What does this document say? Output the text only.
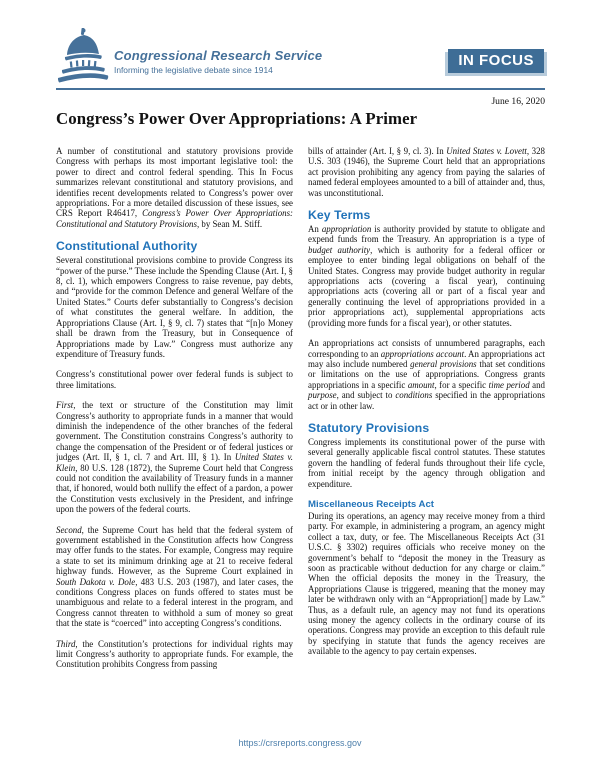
Congressional Research Service
Informing the legislative debate since 1914
IN FOCUS
June 16, 2020
Congress’s Power Over Appropriations: A Primer

A number of constitutional and statutory provisions provide Congress with perhaps its most important legislative tool: the power to direct and control federal spending. This In Focus summarizes relevant constitutional and statutory provisions, and identifies recent developments related to Congress’s power over appropriations. For a more detailed discussion of these issues, see CRS Report R46417, Congress’s Power Over Appropriations: Constitutional and Statutory Provisions, by Sean M. Stiff.

Constitutional Authority

Several constitutional provisions combine to provide Congress its “power of the purse.” These include the Spending Clause (Art. I, § 8, cl. 1), which empowers Congress to raise revenue, pay debts, and “provide for the common Defence and general Welfare of the United States.” Courts defer substantially to Congress’s decision of what constitutes the general welfare. In addition, the Appropriations Clause (Art. I, § 9, cl. 7) states that “[n]o Money shall be drawn from the Treasury, but in Consequence of Appropriations made by Law.” Congress must authorize any expenditure of Treasury funds.

Congress’s constitutional power over federal funds is subject to three limitations.

First, the text or structure of the Constitution may limit Congress’s authority to appropriate funds in a manner that would diminish the independence of the other branches of the federal government. The Constitution constrains Congress’s authority to change the compensation of the President or of federal justices or judges (Art. II, § 1, cl. 7 and Art. III, § 1). In United States v. Klein, 80 U.S. 128 (1872), the Supreme Court held that Congress could not condition the availability of Treasury funds in a manner that, if honored, would both nullify the effect of a pardon, a power the Constitution vests exclusively in the President, and infringe upon the powers of the federal courts.

Second, the Supreme Court has held that the federal system of government established in the Constitution affects how Congress may offer funds to the states. For example, Congress may require a state to set its minimum drinking age at 21 to receive federal highway funds. However, as the Supreme Court explained in South Dakota v. Dole, 483 U.S. 203 (1987), and later cases, the conditions Congress places on funds offered to states must be unambiguous and relate to a federal interest in the program, and Congress cannot threaten to withhold a sum of money so great that the state is “coerced” into accepting Congress’s conditions.

Third, the Constitution’s protections for individual rights may limit Congress’s authority to appropriate funds. For example, the Constitution prohibits Congress from passing

bills of attainder (Art. I, § 9, cl. 3). In United States v. Lovett, 328 U.S. 303 (1946), the Supreme Court held that an appropriations act provision prohibiting any agency from paying the salaries of named federal employees amounted to a bill of attainder and, thus, was unconstitutional.

Key Terms

An appropriation is authority provided by statute to obligate and expend funds from the Treasury. An appropriation is a type of budget authority, which is authority for a federal officer or employee to enter binding legal obligations on behalf of the United States. Congress may provide budget authority in regular appropriations acts (covering a fiscal year), continuing appropriations acts (covering all or part of a fiscal year and generally continuing the level of appropriations provided in a prior appropriations act), supplemental appropriations acts (providing more funds for a fiscal year), or other statutes.

An appropriations act consists of unnumbered paragraphs, each corresponding to an appropriations account. An appropriations act may also include numbered general provisions that set conditions or limitations on the use of appropriations. Congress grants appropriations in a specific amount, for a specific time period and purpose, and subject to conditions specified in the appropriations act or in other law.

Statutory Provisions

Congress implements its constitutional power of the purse with several generally applicable fiscal control statutes. These statutes govern the handling of federal funds throughout their life cycle, from initial receipt by the agency through obligation and expenditure.

Miscellaneous Receipts Act

During its operations, an agency may receive money from a third party. For example, in administering a program, an agency might collect a tax, duty, or fee. The Miscellaneous Receipts Act (31 U.S.C. § 3302) requires officials who receive money on the government’s behalf to “deposit the money in the Treasury as soon as practicable without deduction for any charge or claim.” When the official deposits the money in the Treasury, the Appropriations Clause is triggered, meaning that the money may later be withdrawn only with an “Appropriation[] made by Law.” Thus, as a default rule, an agency may not fund its operations using money the agency collects in the ordinary course of its operations. Congress may provide an exception to this default rule by specifying in statute that funds the agency receives are available to the agency to pay certain expenses.

https://crsreports.congress.gov
